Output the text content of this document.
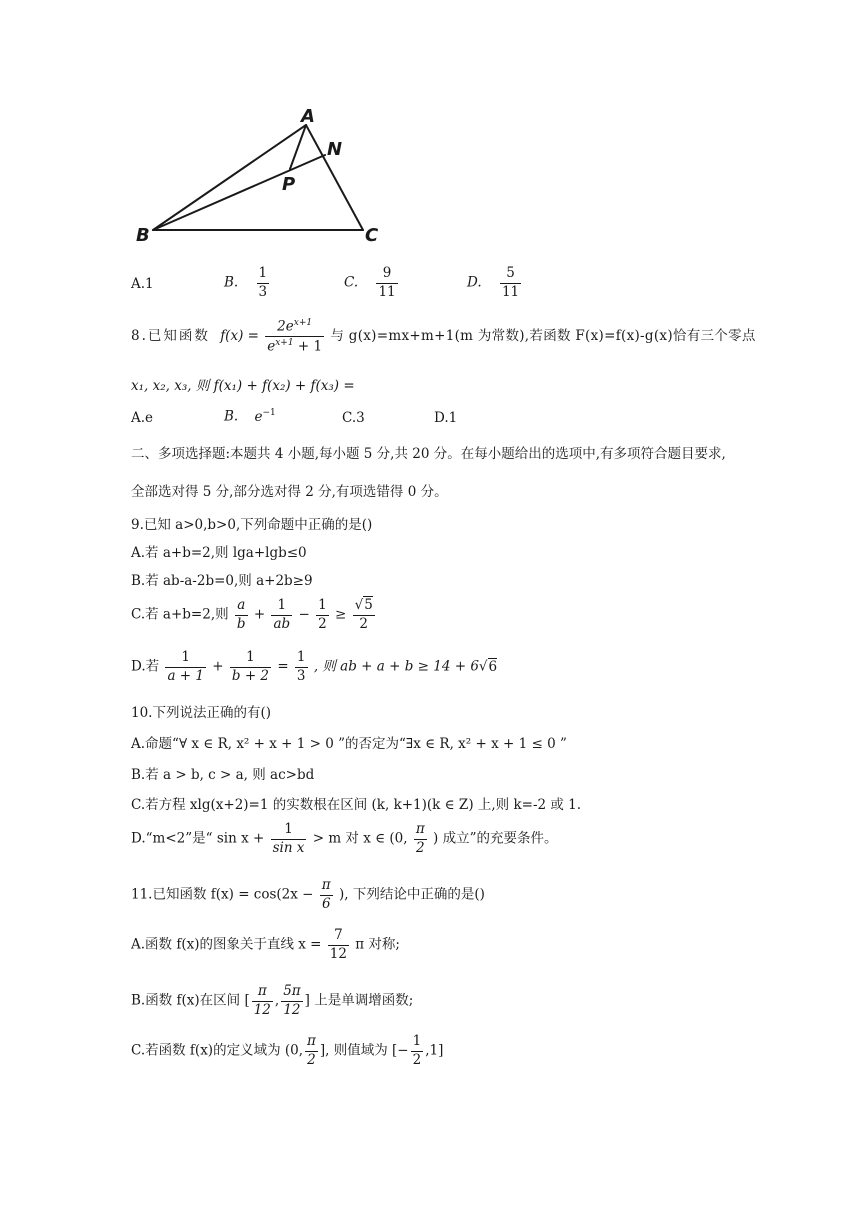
A
B	C
N
P
A.1	B. $\frac{1}{3}$	C. $\frac{9}{11}$	D. $\frac{5}{11}$
8.已知函数 $f(x) = \frac{2e^{x+1}}{e^{x+1} + 1}$ 与 g(x)=mx+m+1(m 为常数),若函数 F(x)=f(x)-g(x)恰有三个零点
x₁, x₂, x₃, 则 f(x₁) + f(x₂) + f(x₃) =
A.e	B. $e^{-1}$	C.3	D.1
二、多项选择题:本题共 4 小题,每小题 5 分,共 20 分。在每小题给出的选项中,有多项符合题目要求,
全部选对得 5 分,部分选对得 2 分,有项选错得 0 分。
9.已知 a>0,b>0,下列命题中正确的是()
A.若 a+b=2,则 lga+lgb≤0
B.若 ab-a-2b=0,则 a+2b≥9
C.若 a+b=2,则 $\frac{a}{b} + \frac{1}{ab} - \frac{1}{2} \ge \frac{√5}{2}$
D.若 $\frac{1}{a + 1} + \frac{1}{b + 2} = \frac{1}{3}$ , 则 ab + a + b ≥ 14 + 6√6
10.下列说法正确的有()
A.命题“∀ x ∈ R, x² + x + 1 > 0 ”的否定为“∃x ∈ R, x² + x + 1 ≤ 0 ”
B.若 a > b, c > a, 则 ac>bd
C.若方程 xlg(x+2)=1 的实数根在区间 (k, k+1)(k ∈ Z) 上,则 k=-2 或 1.
D.“m<2”是“ $\sin x + \frac{1}{\text{sin x}} > m$ 对 x ∈ (0, $\frac{\pi}{2}$ ) 成立”的充要条件。
11.已知函数 $f(x) = \cos(2x - \frac{\pi}{6}$ ), 下列结论中正确的是()
A.函数 f(x)的图象关于直线 $x = \frac{7}{12}$ π 对称;
B.函数 f(x)在区间 [ $\frac{\pi}{12}$ , $\frac{5\pi}{12}$ ] 上是单调增函数;
C.若函数 f(x)的定义域为 (0, $\frac{\pi}{2}$ ], 则值域为 [− $\frac{1}{2} ,1$]
